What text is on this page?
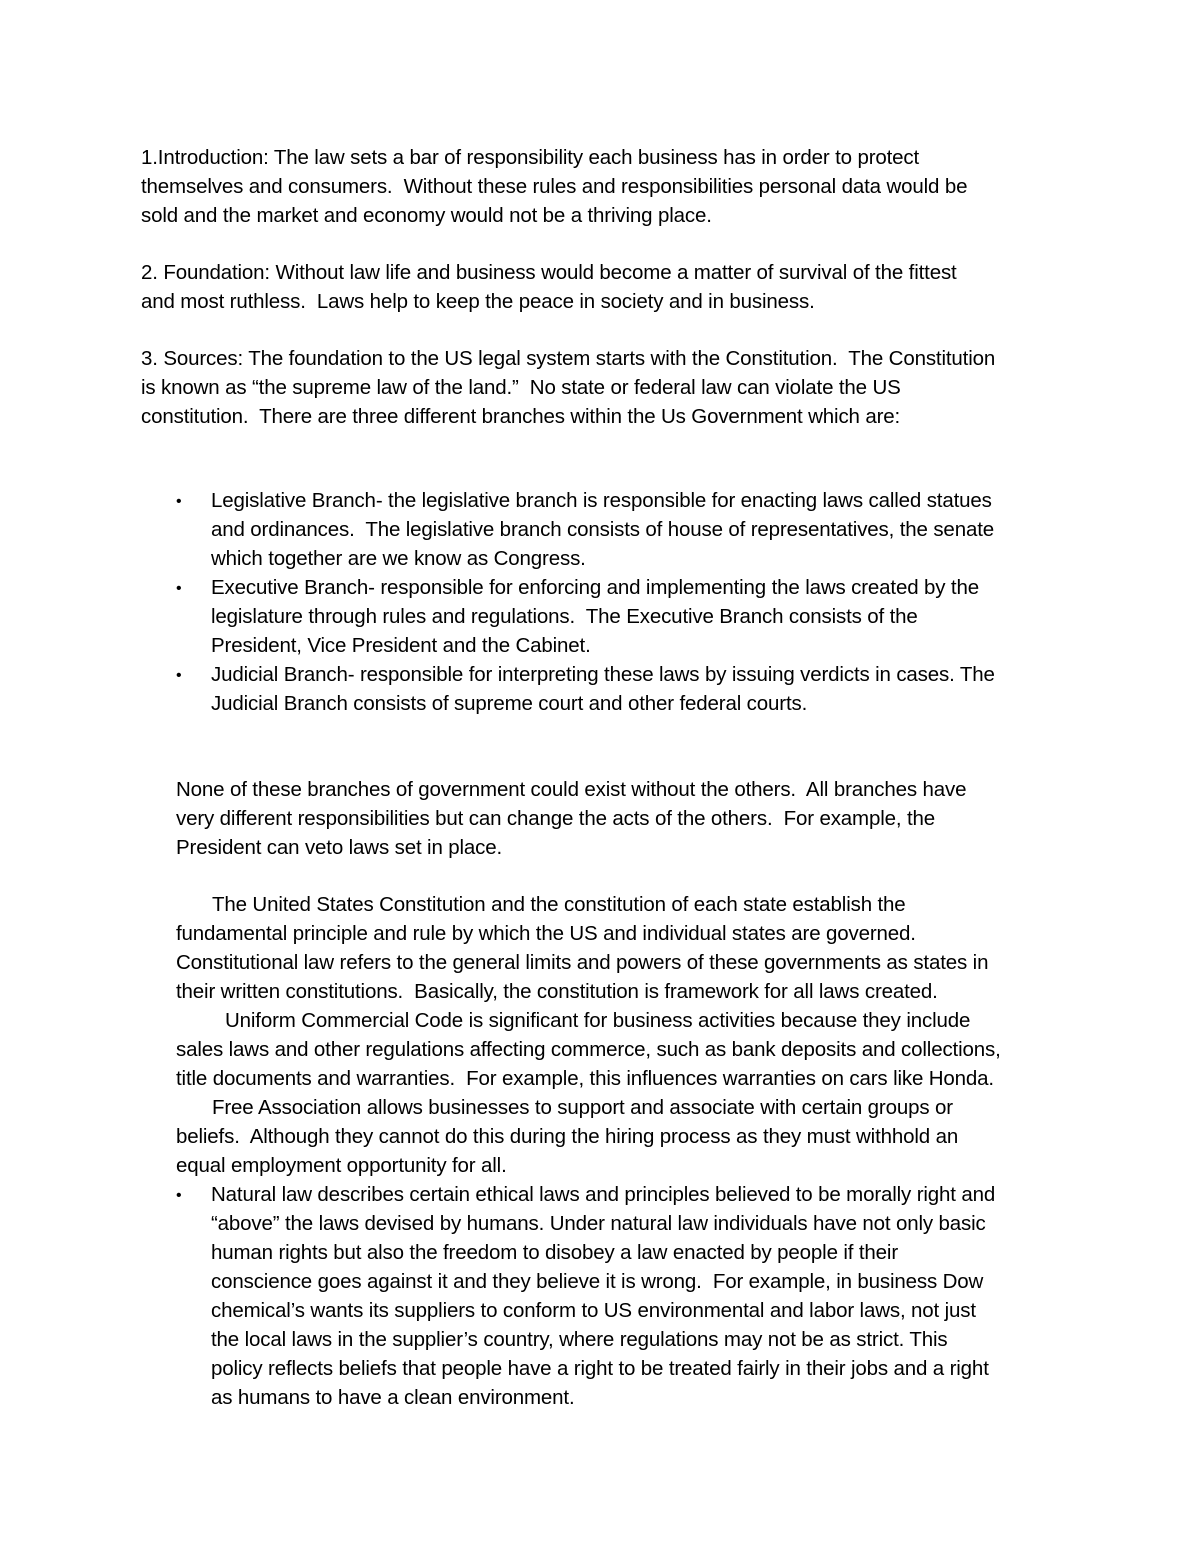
1.Introduction: The law sets a bar of responsibility each business has in order to protect
themselves and consumers.  Without these rules and responsibilities personal data would be
sold and the market and economy would not be a thriving place.
2. Foundation: Without law life and business would become a matter of survival of the fittest
and most ruthless.  Laws help to keep the peace in society and in business.
3. Sources: The foundation to the US legal system starts with the Constitution.  The Constitution
is known as “the supreme law of the land.”  No state or federal law can violate the US
constitution.  There are three different branches within the Us Government which are:
• Legislative Branch- the legislative branch is responsible for enacting laws called statues
and ordinances.  The legislative branch consists of house of representatives, the senate
which together are we know as Congress.
• Executive Branch- responsible for enforcing and implementing the laws created by the
legislature through rules and regulations.  The Executive Branch consists of the
President, Vice President and the Cabinet.
• Judicial Branch- responsible for interpreting these laws by issuing verdicts in cases. The
Judicial Branch consists of supreme court and other federal courts.
None of these branches of government could exist without the others.  All branches have
very different responsibilities but can change the acts of the others.  For example, the
President can veto laws set in place.
The United States Constitution and the constitution of each state establish the
fundamental principle and rule by which the US and individual states are governed.
Constitutional law refers to the general limits and powers of these governments as states in
their written constitutions.  Basically, the constitution is framework for all laws created.
Uniform Commercial Code is significant for business activities because they include
sales laws and other regulations affecting commerce, such as bank deposits and collections,
title documents and warranties.  For example, this influences warranties on cars like Honda.
Free Association allows businesses to support and associate with certain groups or
beliefs.  Although they cannot do this during the hiring process as they must withhold an
equal employment opportunity for all.
• Natural law describes certain ethical laws and principles believed to be morally right and
“above” the laws devised by humans. Under natural law individuals have not only basic
human rights but also the freedom to disobey a law enacted by people if their
conscience goes against it and they believe it is wrong.  For example, in business Dow
chemical’s wants its suppliers to conform to US environmental and labor laws, not just
the local laws in the supplier’s country, where regulations may not be as strict. This
policy reflects beliefs that people have a right to be treated fairly in their jobs and a right
as humans to have a clean environment.
